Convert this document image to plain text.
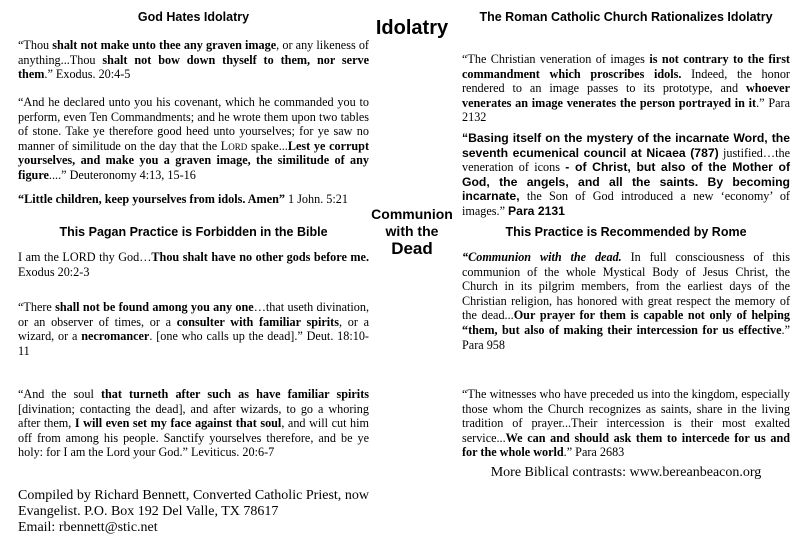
God Hates Idolatry

“Thou shalt not make unto thee any graven image, or any likeness of anything...Thou shalt not bow down thyself to them, nor serve them.” Exodus. 20:4-5

“And he declared unto you his covenant, which he commanded you to perform, even Ten Commandments; and he wrote them upon two tables of stone. Take ye therefore good heed unto yourselves; for ye saw no manner of similitude on the day that the Lord spake...Lest ye corrupt yourselves, and make you a graven image, the similitude of any figure....” Deuteronomy 4:13, 15-16

“Little children, keep yourselves from idols. Amen” 1 John. 5:21

This Pagan Practice is Forbidden in the Bible

I am the LORD thy God…Thou shalt have no other gods before me. Exodus 20:2-3

“There shall not be found among you any one…that useth divination, or an observer of times, or a consulter with familiar spirits, or a wizard, or a necromancer. [one who calls up the dead].” Deut. 18:10-11

“And the soul that turneth after such as have familiar spirits [divination; contacting the dead], and after wizards, to go a whoring after them, I will even set my face against that soul, and will cut him off from among his people. Sanctify yourselves therefore, and be ye holy: for I am the Lord your God.” Leviticus. 20:6-7

Compiled by Richard Bennett, Converted Catholic Priest, now Evangelist. P.O. Box 192 Del Valle, TX 78617
Email: rbennett@stic.net
Idolatry
Communion
with the
Dead
The Roman Catholic Church Rationalizes Idolatry

“The Christian veneration of images is not contrary to the first commandment which proscribes idols. Indeed, the honor rendered to an image passes to its prototype, and whoever venerates an image venerates the person portrayed in it.” Para 2132

“Basing itself on the mystery of the incarnate Word, the seventh ecumenical council at Nicaea (787) justified…the veneration of icons - of Christ, but also of the Mother of God, the angels, and all the saints. By becoming incarnate, the Son of God introduced a new ‘economy’ of images.” Para 2131

This Practice is Recommended by Rome

“Communion with the dead. In full consciousness of this communion of the whole Mystical Body of Jesus Christ, the Church in its pilgrim members, from the earliest days of the Christian religion, has honored with great respect the memory of the dead...Our prayer for them is capable not only of helping “them, but also of making their intercession for us effective.” Para 958

“The witnesses who have preceded us into the kingdom, especially those whom the Church recognizes as saints, share in the living tradition of prayer...Their intercession is their most exalted service...We can and should ask them to intercede for us and for the whole world.” Para 2683

More Biblical contrasts: www.bereanbeacon.org
